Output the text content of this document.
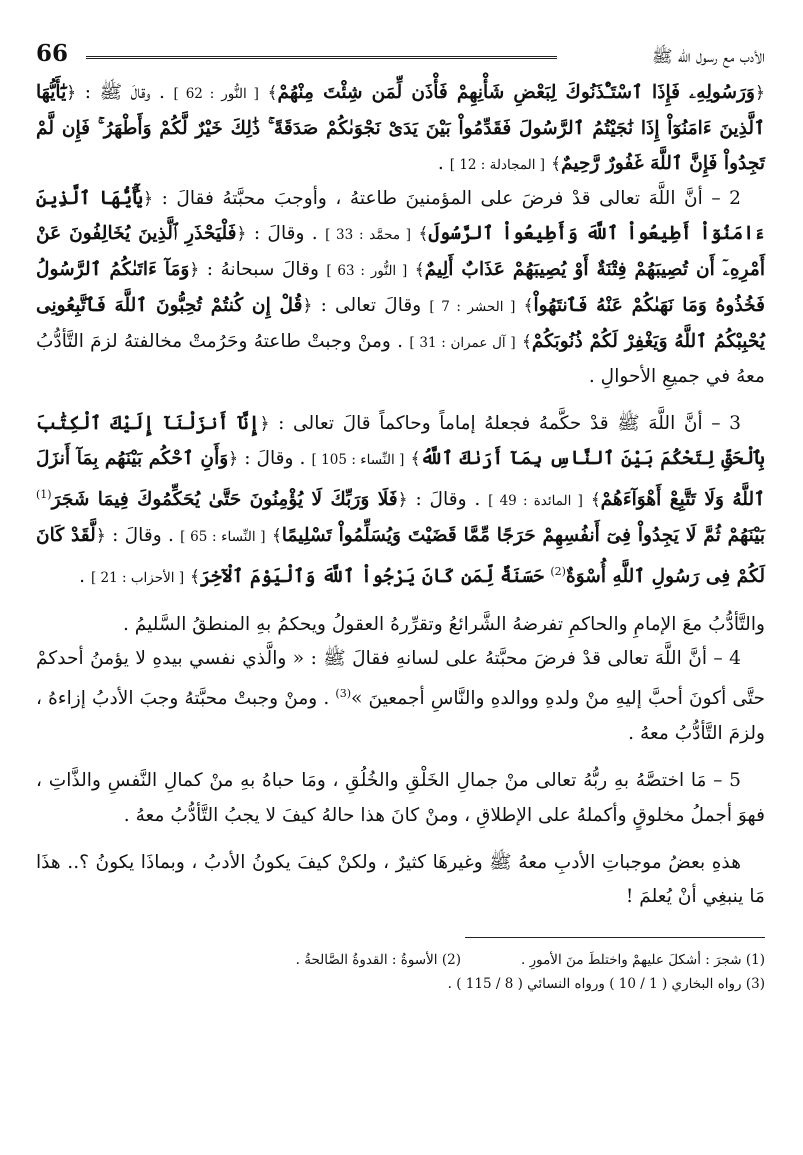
66	الأدب مع رسول الله ﷺ

﴿وَرَسُولِهِۦ فَإِذَا ٱسْتَـْٔذَنُوكَ لِبَعْضِ شَأْنِهِمْ فَأْذَن لِّمَن شِئْتَ مِنْهُمْ﴾ [ النُّور : 62 ] . وقالَ ﷺ : ﴿يَٰٓأَيُّهَا ٱلَّذِينَ ءَامَنُوٓاْ إِذَا نَٰجَيْتُمُ ٱلرَّسُولَ فَقَدِّمُواْ بَيْنَ يَدَىْ نَجْوَىٰكُمْ صَدَقَةً ۚ ذَٰلِكَ خَيْرٌ لَّكُمْ وَأَطْهَرُ ۚ فَإِن لَّمْ تَجِدُواْ فَإِنَّ ٱللَّهَ غَفُورٌ رَّحِيمٌ﴾ [ المجادلة : 12 ] .

2 – أنَّ اللَّهَ تعالى قدْ فرضَ على المؤمنينَ طاعتهُ ، وأوجبَ محبَّتهُ فقالَ : ﴿يَٰٓأَيُّهَا ٱلَّذِينَ ءَامَنُوٓاْ أَطِيعُواْ ٱللَّهَ وَأَطِيعُواْ ٱلرَّسُولَ﴾ [ محمَّد : 33 ] . وقالَ : ﴿فَلْيَحْذَرِ ٱلَّذِينَ يُخَالِفُونَ عَنْ أَمْرِهِۦٓ أَن تُصِيبَهُمْ فِتْنَةٌ أَوْ يُصِيبَهُمْ عَذَابٌ أَلِيمٌ﴾ [ النُّور : 63 ] وقالَ سبحانهُ : ﴿وَمَآ ءَاتَىٰكُمُ ٱلرَّسُولُ فَخُذُوهُ وَمَا نَهَىٰكُمْ عَنْهُ فَٱنتَهُواْ﴾ [ الحشر : 7 ] وقالَ تعالى : ﴿قُلْ إِن كُنتُمْ تُحِبُّونَ ٱللَّهَ فَٱتَّبِعُونِى يُحْبِبْكُمُ ٱللَّهُ وَيَغْفِرْ لَكُمْ ذُنُوبَكُمْ﴾ [ آل عمران : 31 ] . ومنْ وجبتْ طاعتهُ وحَرُمتْ مخالفتهُ لزمَ التَّأدُّبُ معهُ في جميعِ الأحوالِ .

3 – أنَّ اللَّهَ ﷺ قدْ حكَّمهُ فجعلهُ إماماً وحاكماً قالَ تعالى : ﴿إِنَّآ أَنزَلْنَآ إِلَيْكَ ٱلْكِتَٰبَ بِٱلْحَقِّ لِتَحْكُمَ بَيْنَ ٱلنَّاسِ بِمَآ أَرَىٰكَ ٱللَّهُ﴾ [ النِّساء : 105 ] . وقالَ : ﴿وَأَنِ ٱحْكُم بَيْنَهُم بِمَآ أَنزَلَ ٱللَّهُ وَلَا تَتَّبِعْ أَهْوَآءَهُمْ﴾ [ المائدة : 49 ] . وقالَ : ﴿فَلَا وَرَبِّكَ لَا يُؤْمِنُونَ حَتَّىٰ يُحَكِّمُوكَ فِيمَا شَجَرَ$^{(1)}$ بَيْنَهُمْ ثُمَّ لَا يَجِدُواْ فِىٓ أَنفُسِهِمْ حَرَجًا مِّمَّا قَضَيْتَ وَيُسَلِّمُواْ تَسْلِيمًا﴾ [ النِّساء : 65 ] . وقالَ : ﴿لَّقَدْ كَانَ لَكُمْ فِى رَسُولِ ٱللَّهِ أُسْوَةٌ$^{(2)}$ حَسَنَةٌ لِّمَن كَانَ يَرْجُواْ ٱللَّهَ وَٱلْيَوْمَ ٱلْآخِرَ﴾ [ الأحزاب : 21 ] .

والتَّأدُّبُ معَ الإمامِ والحاكمِ تفرضهُ الشَّرائعُ وتقرِّرهُ العقولُ ويحكمُ بهِ المنطقُ السَّليمُ .

4 – أنَّ اللَّهَ تعالى قدْ فرضَ محبَّتهُ على لسانهِ فقالَ ﷺ : « والَّذي نفسي بيدهِ لا يؤمنُ أحدكمْ حتَّى أكونَ أحبَّ إليهِ منْ ولدهِ ووالدهِ والنَّاسِ أجمعينَ »$^{(3)}$ . ومنْ وجبتْ محبَّتهُ وجبَ الأدبُ إزاءهُ ، ولزمَ التَّأدُّبُ معهُ .

5 – مَا اختصَّهُ بهِ ربُّهُ تعالى منْ جمالِ الخَلْقِ والخُلُقِ ، ومَا حباهُ بهِ منْ كمالِ النَّفسِ والذَّاتِ ، فهوَ أجملُ مخلوقٍ وأكملهُ على الإطلاقِ ، ومنْ كانَ هذا حالهُ كيفَ لا يجبُ التَّأدُّبُ معهُ .

هذهِ بعضُ موجباتِ الأدبِ معهُ ﷺ وغيرهَا كثيرٌ ، ولكنْ كيفَ يكونُ الأدبُ ، وبماذَا يكونُ ؟.. هذَا مَا ينبغِي أنْ يُعلمَ !

(1) شجرَ : أشكلَ عليهمْ واختلطَ منَ الأمورِ .
(2) الأسوةُ : القدوةُ الصَّالحةُ .
(3) رواه البخاري ( 1 / 10 ) ورواه النسائي ( 8 / 115 ) .
